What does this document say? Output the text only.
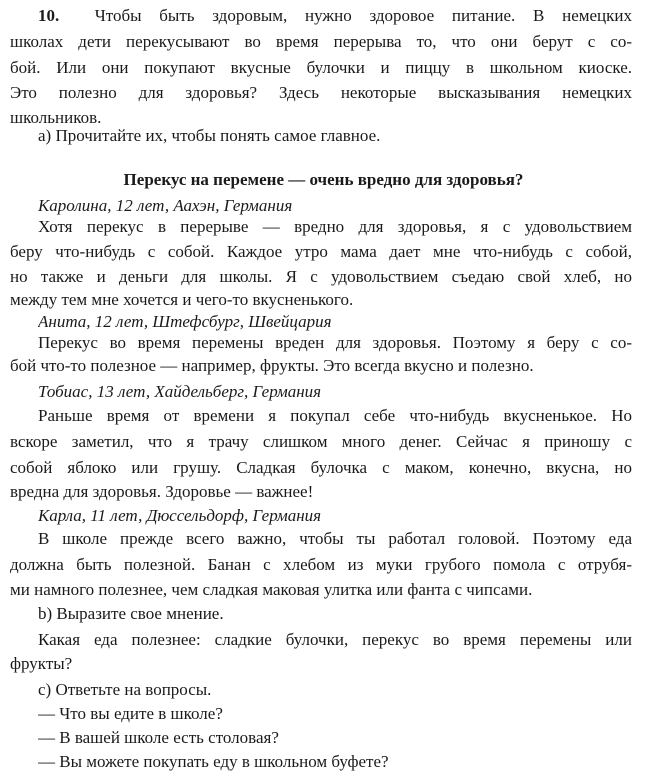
10. Чтобы быть здоровым, нужно здоровое питание. В немецких
школах дети перекусывают во время перерыва то, что они берут с со-
бой. Или они покупают вкусные булочки и пиццу в школьном киоске.
Это полезно для здоровья? Здесь некоторые высказывания немецких
школьников.
a) Прочитайте их, чтобы понять самое главное.
Перекус на перемене — очень вредно для здоровья?
Каролина, 12 лет, Аахэн, Германия
Хотя перекус в перерыве — вредно для здоровья, я с удовольствием
беру что-нибудь с собой. Каждое утро мама дает мне что-нибудь с собой,
но также и деньги для школы. Я с удовольствием съедаю свой хлеб, но
между тем мне хочется и чего-то вкусненького.
Анита, 12 лет, Штефсбург, Швейцария
Перекус во время перемены вреден для здоровья. Поэтому я беру с со-
бой что-то полезное — например, фрукты. Это всегда вкусно и полезно.
Тобиас, 13 лет, Хайдельберг, Германия
Раньше время от времени я покупал себе что-нибудь вкусненькое. Но
вскоре заметил, что я трачу слишком много денег. Сейчас я приношу с
собой яблоко или грушу. Сладкая булочка с маком, конечно, вкусна, но
вредна для здоровья. Здоровье — важнее!
Карла, 11 лет, Дюссельдорф, Германия
В школе прежде всего важно, чтобы ты работал головой. Поэтому еда
должна быть полезной. Банан с хлебом из муки грубого помола с отрубя-
ми намного полезнее, чем сладкая маковая улитка или фанта с чипсами.
b) Выразите свое мнение.
Какая еда полезнее: сладкие булочки, перекус во время перемены или
фрукты?
c) Ответьте на вопросы.
— Что вы едите в школе?
— В вашей школе есть столовая?
— Вы можете покупать еду в школьном буфете?
